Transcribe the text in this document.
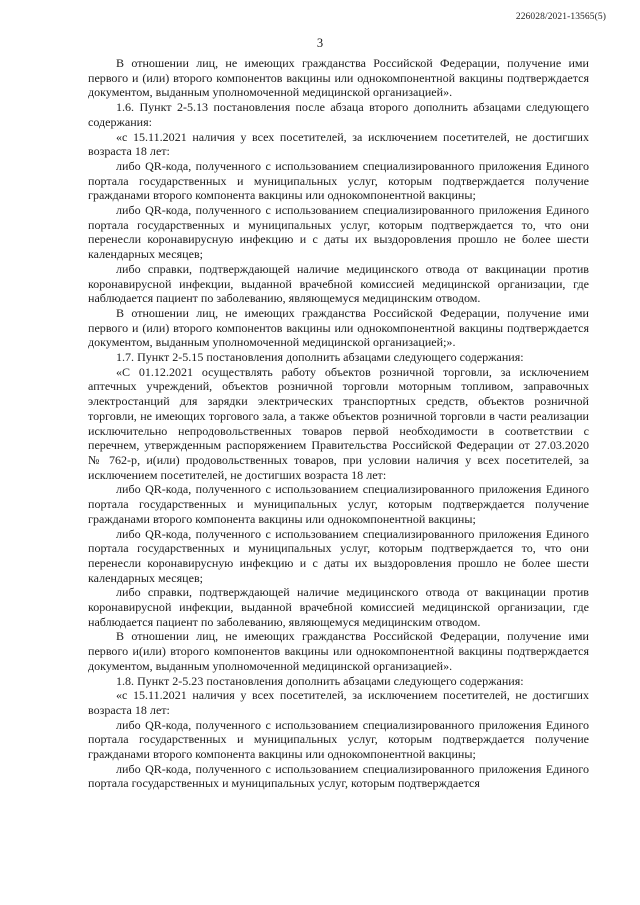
226028/2021-13565(5)
3

В отношении лиц, не имеющих гражданства Российской Федерации, получение ими первого и (или) второго компонентов вакцины или однокомпонентной вакцины подтверждается документом, выданным уполномоченной медицинской организацией».

1.6. Пункт 2-5.13 постановления после абзаца второго дополнить абзацами следующего содержания:

«с 15.11.2021 наличия у всех посетителей, за исключением посетителей, не достигших возраста 18 лет:

либо QR-кода, полученного с использованием специализированного приложения Единого портала государственных и муниципальных услуг, которым подтверждается получение гражданами второго компонента вакцины или однокомпонентной вакцины;

либо QR-кода, полученного с использованием специализированного приложения Единого портала государственных и муниципальных услуг, которым подтверждается то, что они перенесли коронавирусную инфекцию и с даты их выздоровления прошло не более шести календарных месяцев;

либо справки, подтверждающей наличие медицинского отвода от вакцинации против коронавирусной инфекции, выданной врачебной комиссией медицинской организации, где наблюдается пациент по заболеванию, являющемуся медицинским отводом.

В отношении лиц, не имеющих гражданства Российской Федерации, получение ими первого и (или) второго компонентов вакцины или однокомпонентной вакцины подтверждается документом, выданным уполномоченной медицинской организацией;».

1.7. Пункт 2-5.15 постановления дополнить абзацами следующего содержания:

«С 01.12.2021 осуществлять работу объектов розничной торговли, за исключением аптечных учреждений, объектов розничной торговли моторным топливом, заправочных электростанций для зарядки электрических транспортных средств, объектов розничной торговли, не имеющих торгового зала, а также объектов розничной торговли в части реализации исключительно непродовольственных товаров первой необходимости в соответствии с перечнем, утвержденным распоряжением Правительства Российской Федерации от 27.03.2020 № 762-р, и(или) продовольственных товаров, при условии наличия у всех посетителей, за исключением посетителей, не достигших возраста 18 лет:

либо QR-кода, полученного с использованием специализированного приложения Единого портала государственных и муниципальных услуг, которым подтверждается получение гражданами второго компонента вакцины или однокомпонентной вакцины;

либо QR-кода, полученного с использованием специализированного приложения Единого портала государственных и муниципальных услуг, которым подтверждается то, что они перенесли коронавирусную инфекцию и с даты их выздоровления прошло не более шести календарных месяцев;

либо справки, подтверждающей наличие медицинского отвода от вакцинации против коронавирусной инфекции, выданной врачебной комиссией медицинской организации, где наблюдается пациент по заболеванию, являющемуся медицинским отводом.

В отношении лиц, не имеющих гражданства Российской Федерации, получение ими первого и(или) второго компонентов вакцины или однокомпонентной вакцины подтверждается документом, выданным уполномоченной медицинской организацией».

1.8. Пункт 2-5.23 постановления дополнить абзацами следующего содержания:

«с 15.11.2021 наличия у всех посетителей, за исключением посетителей, не достигших возраста 18 лет:

либо QR-кода, полученного с использованием специализированного приложения Единого портала государственных и муниципальных услуг, которым подтверждается получение гражданами второго компонента вакцины или однокомпонентной вакцины;

либо QR-кода, полученного с использованием специализированного приложения Единого портала государственных и муниципальных услуг, которым подтверждается
